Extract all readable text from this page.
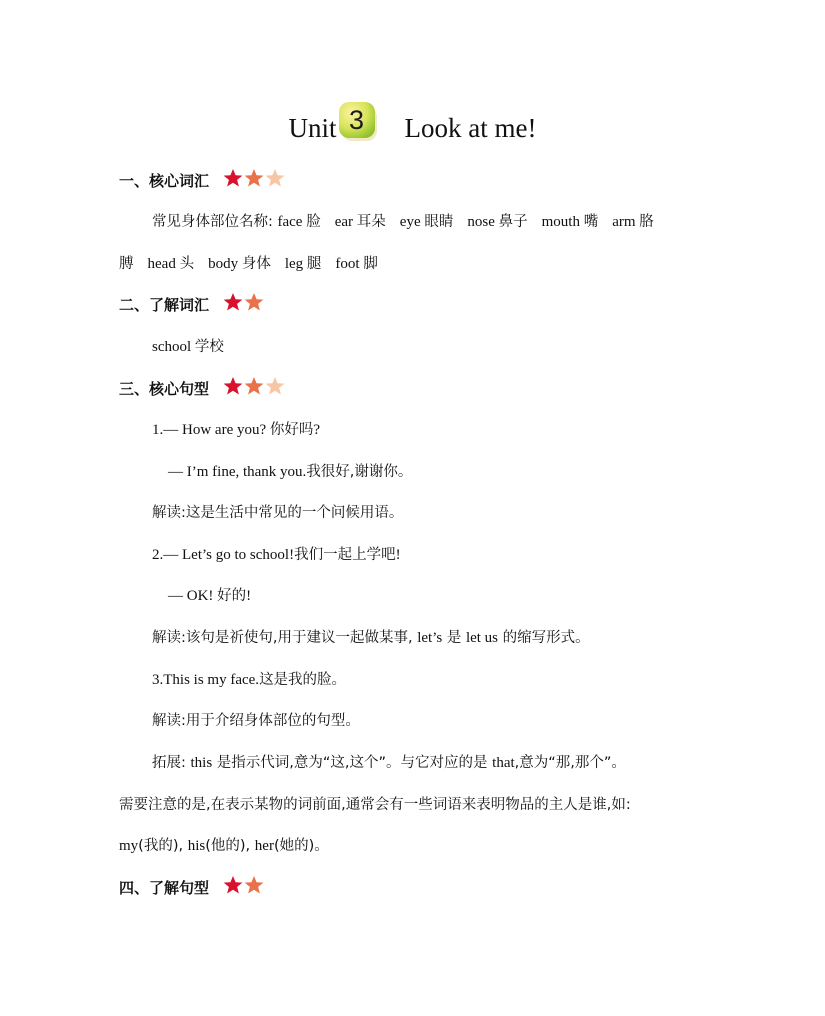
Unit 3	Look at me!
一、核心词汇
常见身体部位名称: face 脸 ear 耳朵 eye 眼睛 nose 鼻子 mouth 嘴 arm 胳
膊 head 头 body 身体 leg 腿 foot 脚
二、了解词汇
school 学校
三、核心句型
1.— How are you? 你好吗?
— I’m fine, thank you.我很好,谢谢你。
解读:这是生活中常见的一个问候用语。
2.— Let’s go to school!我们一起上学吧!
— OK! 好的!
解读:该句是祈使句,用于建议一起做某事, let’s 是 let us 的缩写形式。
3.This is my face.这是我的脸。
解读:用于介绍身体部位的句型。
拓展: this 是指示代词,意为“这,这个”。与它对应的是 that,意为“那,那个”。
需要注意的是,在表示某物的词前面,通常会有一些词语来表明物品的主人是谁,如:
my(我的), his(他的), her(她的)。
四、了解句型
